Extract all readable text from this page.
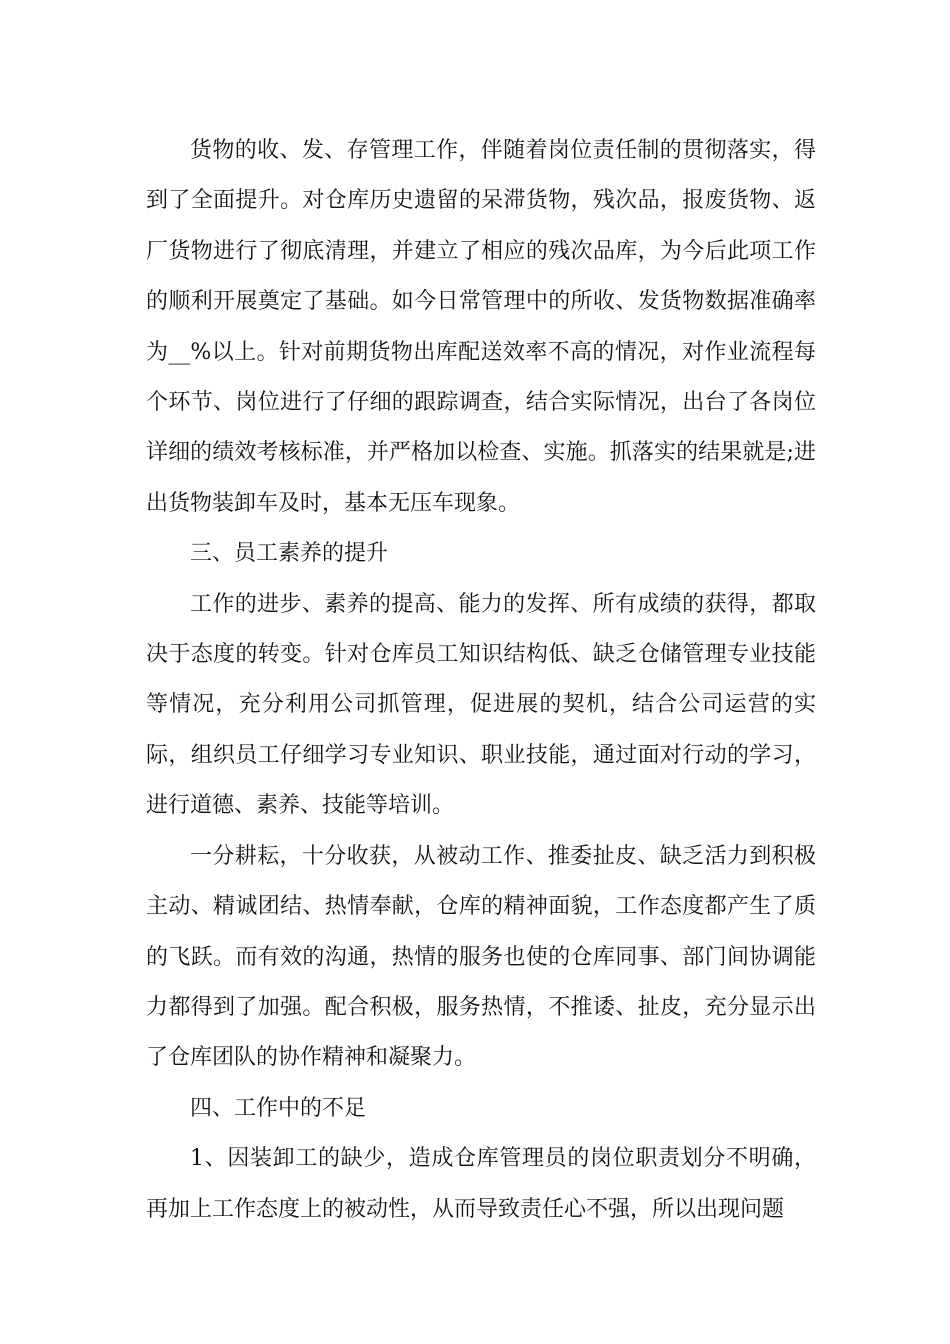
货物的收、发、存管理工作，伴随着岗位责任制的贯彻落实，得到了全面提升。对仓库历史遗留的呆滞货物，残次品，报废货物、返厂货物进行了彻底清理，并建立了相应的残次品库，为今后此项工作的顺利开展奠定了基础。如今日常管理中的所收、发货物数据准确率为__%以上。针对前期货物出库配送效率不高的情况，对作业流程每个环节、岗位进行了仔细的跟踪调查，结合实际情况，出台了各岗位详细的绩效考核标准，并严格加以检查、实施。抓落实的结果就是;进出货物装卸车及时，基本无压车现象。

三、员工素养的提升

工作的进步、素养的提高、能力的发挥、所有成绩的获得，都取决于态度的转变。针对仓库员工知识结构低、缺乏仓储管理专业技能等情况，充分利用公司抓管理，促进展的契机，结合公司运营的实际，组织员工仔细学习专业知识、职业技能，通过面对行动的学习，进行道德、素养、技能等培训。

一分耕耘，十分收获，从被动工作、推委扯皮、缺乏活力到积极主动、精诚团结、热情奉献，仓库的精神面貌，工作态度都产生了质的飞跃。而有效的沟通，热情的服务也使的仓库同事、部门间协调能力都得到了加强。配合积极，服务热情，不推诿、扯皮，充分显示出了仓库团队的协作精神和凝聚力。

四、工作中的不足

1、因装卸工的缺少，造成仓库管理员的岗位职责划分不明确，再加上工作态度上的被动性，从而导致责任心不强，所以出现问题
